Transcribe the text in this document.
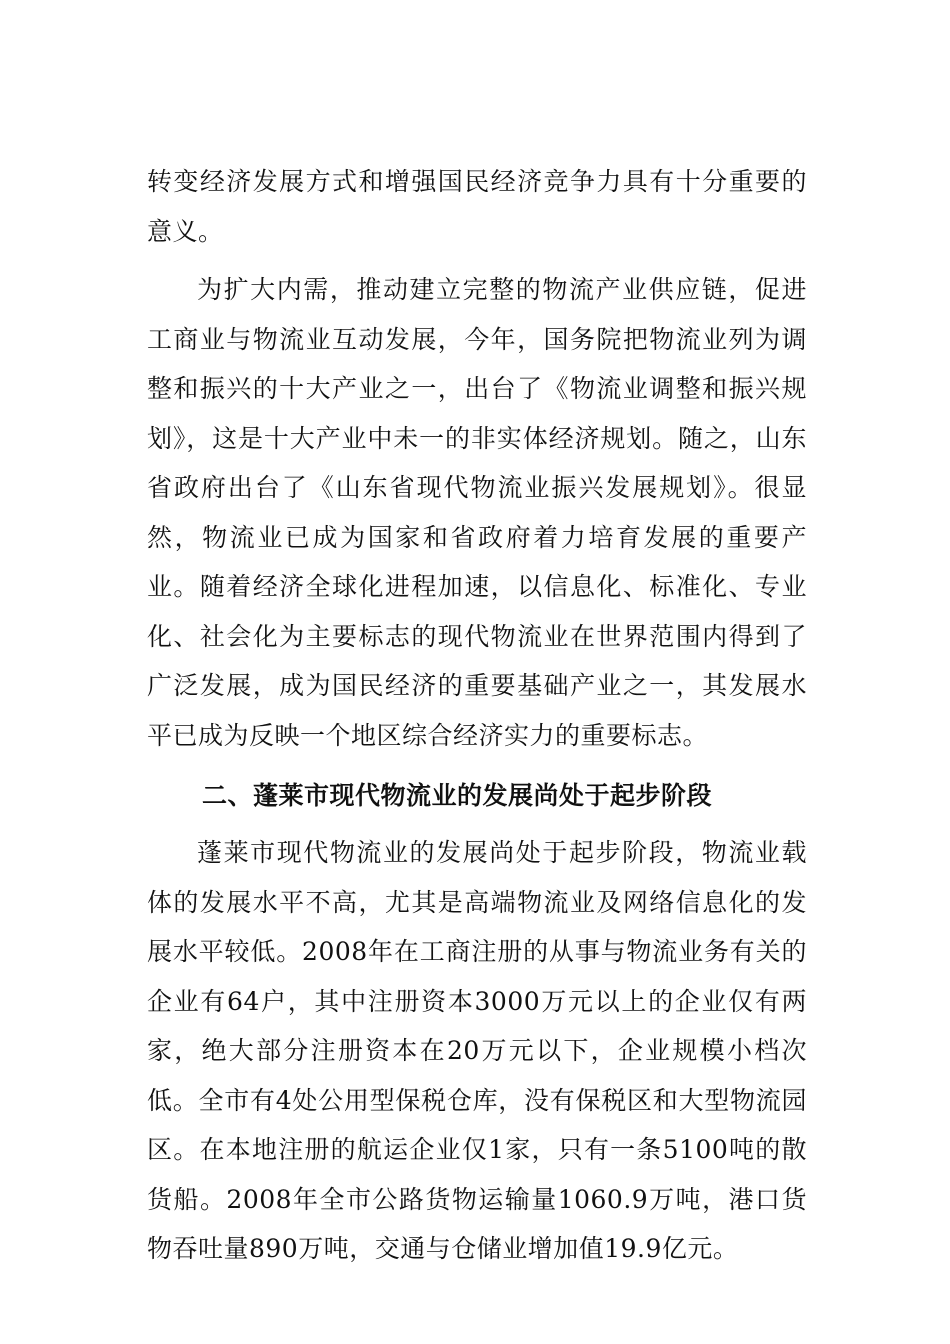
转变经济发展方式和增强国民经济竞争力具有十分重要的意义。

为扩大内需，推动建立完整的物流产业供应链，促进工商业与物流业互动发展，今年，国务院把物流业列为调整和振兴的十大产业之一，出台了《物流业调整和振兴规划》，这是十大产业中未一的非实体经济规划。随之，山东省政府出台了《山东省现代物流业振兴发展规划》。很显然，物流业已成为国家和省政府着力培育发展的重要产业。随着经济全球化进程加速，以信息化、标准化、专业化、社会化为主要标志的现代物流业在世界范围内得到了广泛发展，成为国民经济的重要基础产业之一，其发展水平已成为反映一个地区综合经济实力的重要标志。

二、蓬莱市现代物流业的发展尚处于起步阶段

蓬莱市现代物流业的发展尚处于起步阶段，物流业载体的发展水平不高，尤其是高端物流业及网络信息化的发展水平较低。2008年在工商注册的从事与物流业务有关的企业有64户，其中注册资本3000万元以上的企业仅有两家，绝大部分注册资本在20万元以下，企业规模小档次低。全市有4处公用型保税仓库，没有保税区和大型物流园区。在本地注册的航运企业仅1家，只有一条5100吨的散货船。2008年全市公路货物运输量1060.9万吨，港口货物吞吐量890万吨，交通与仓储业增加值19.9亿元。
